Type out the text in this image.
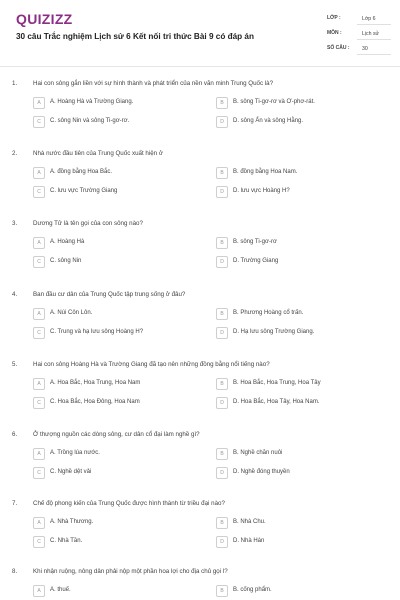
QUIZIZZ
30 câu Trắc nghiệm Lịch sử 6 Kết nối tri thức Bài 9 có đáp án
LỚP :	Lớp 6
MÔN :	Lịch sử
SỐ CÂU :	30
1.	Hai con sông gắn liền với sự hình thành và phát triển của nền văn minh Trung Quốc là?
A	A. Hoàng Hà và Trường Giang.	B	B. sông Ti-gơ-rơ và Ơ-phơ-rát.
C	C. sông Nin và sông Ti-gơ-rơ.	D	D. sông Ấn và sông Hằng.
2.	Nhà nước đầu tiên của Trung Quốc xuất hiện ở
A	A. đồng bằng Hoa Bắc.	B	B. đồng bằng Hoa Nam.
C	C. lưu vực Trường Giang	D	D. lưu vực Hoàng H?
3.	Dương Tử là tên gọi của con sông nào?
A	A. Hoàng Hà	B	B. sông Ti-gơ-rơ
C	C. sông Nin	D	D. Trường Giang
4.	Ban đầu cư dân của Trung Quốc tập trung sống ở đâu?
A	A. Núi Côn Lôn.	B	B. Phương Hoàng cổ trấn.
C	C. Trung và hạ lưu sông Hoàng H?	D	D. Hạ lưu sông Trường Giang.
5.	Hai con sông Hoàng Hà và Trường Giang đã tạo nên những đồng bằng nổi tiếng nào?
A	A. Hoa Bắc, Hoa Trung, Hoa Nam	B	B. Hoa Bắc, Hoa Trung, Hoa Tây
C	C. Hoa Bắc, Hoa Đông, Hoa Nam	D	D. Hoa Bắc, Hoa Tây, Hoa Nam.
6.	Ở thượng nguồn các dòng sông, cư dân cổ đại làm nghề gì?
A	A. Trồng lúa nước.	B	B. Nghề chăn nuôi
C	C. Nghề dệt vải	D	D. Nghề đóng thuyền
7.	Chế độ phong kiến của Trung Quốc được hình thành từ triều đại nào?
A	A. Nhà Thương.	B	B. Nhà Chu.
C	C. Nhà Tần.	D	D. Nhà Hán
8.	Khi nhận ruộng, nông dân phải nộp một phần hoa lợi cho địa chủ gọi l?
A	A. thuế.	B	B. cống phẩm.
